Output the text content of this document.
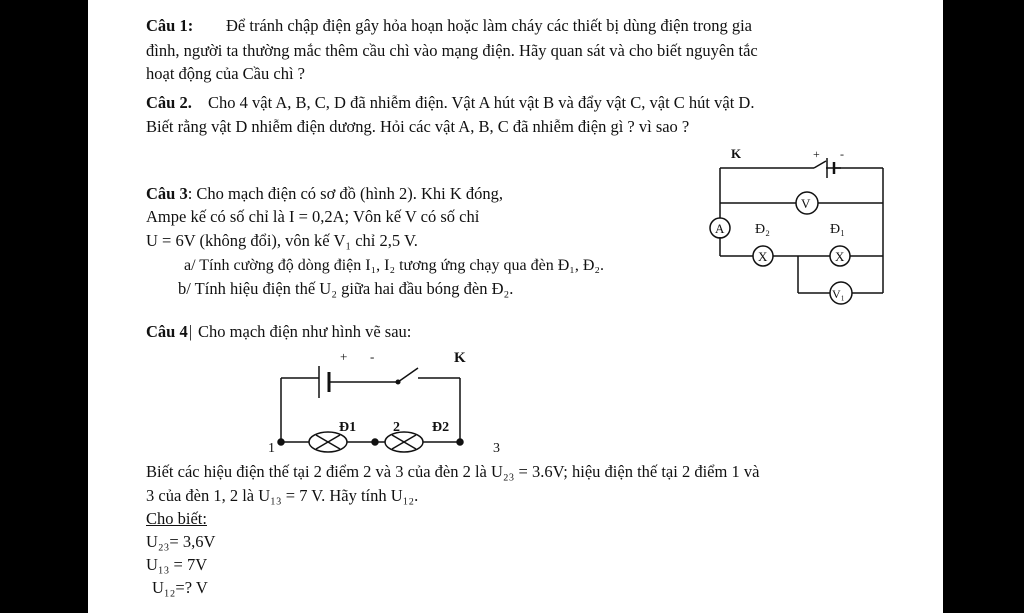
Câu 1: Để tránh chập điện gây hỏa hoạn hoặc làm cháy các thiết bị dùng điện trong gia
đình, người ta thường mắc thêm cầu chì vào mạng điện. Hãy quan sát và cho biết nguyên tắc
hoạt động của Cầu chì ?
Câu 2. Cho 4 vật A, B, C, D đã nhiễm điện. Vật A hút vật B và đẩy vật C, vật C hút vật D.
Biết rằng vật D nhiễm điện dương. Hỏi các vật A, B, C đã nhiễm điện gì ? vì sao ?
Câu 3: Cho mạch điện có sơ đồ (hình 2). Khi K đóng,
Ampe kế có số chỉ là I = 0,2A; Vôn kế V có số chỉ
U = 6V (không đổi), vôn kế V₁ chỉ 2,5 V.
a/ Tính cường độ dòng điện I₁, I₂ tương ứng chạy qua đèn Đ₁, Đ₂.
b/ Tính hiệu điện thế U₂ giữa hai đầu bóng đèn Đ₂.
Câu 4| Cho mạch điện như hình vẽ sau:
Biết các hiệu điện thế tại 2 điểm 2 và 3 của đèn 2 là U₂₃ = 3.6V; hiệu điện thế tại 2 điểm 1 và
3 của đèn 1, 2 là U₁₃ = 7 V. Hãy tính U₁₂.
Cho biết:
U₂₃= 3,6V
U₁₃ = 7V
U₁₂=? V
K	+ -
V
A Đ₂	Đ₁
X	X
V₁
+ -	K
Đ1	2 Đ2
1	3
